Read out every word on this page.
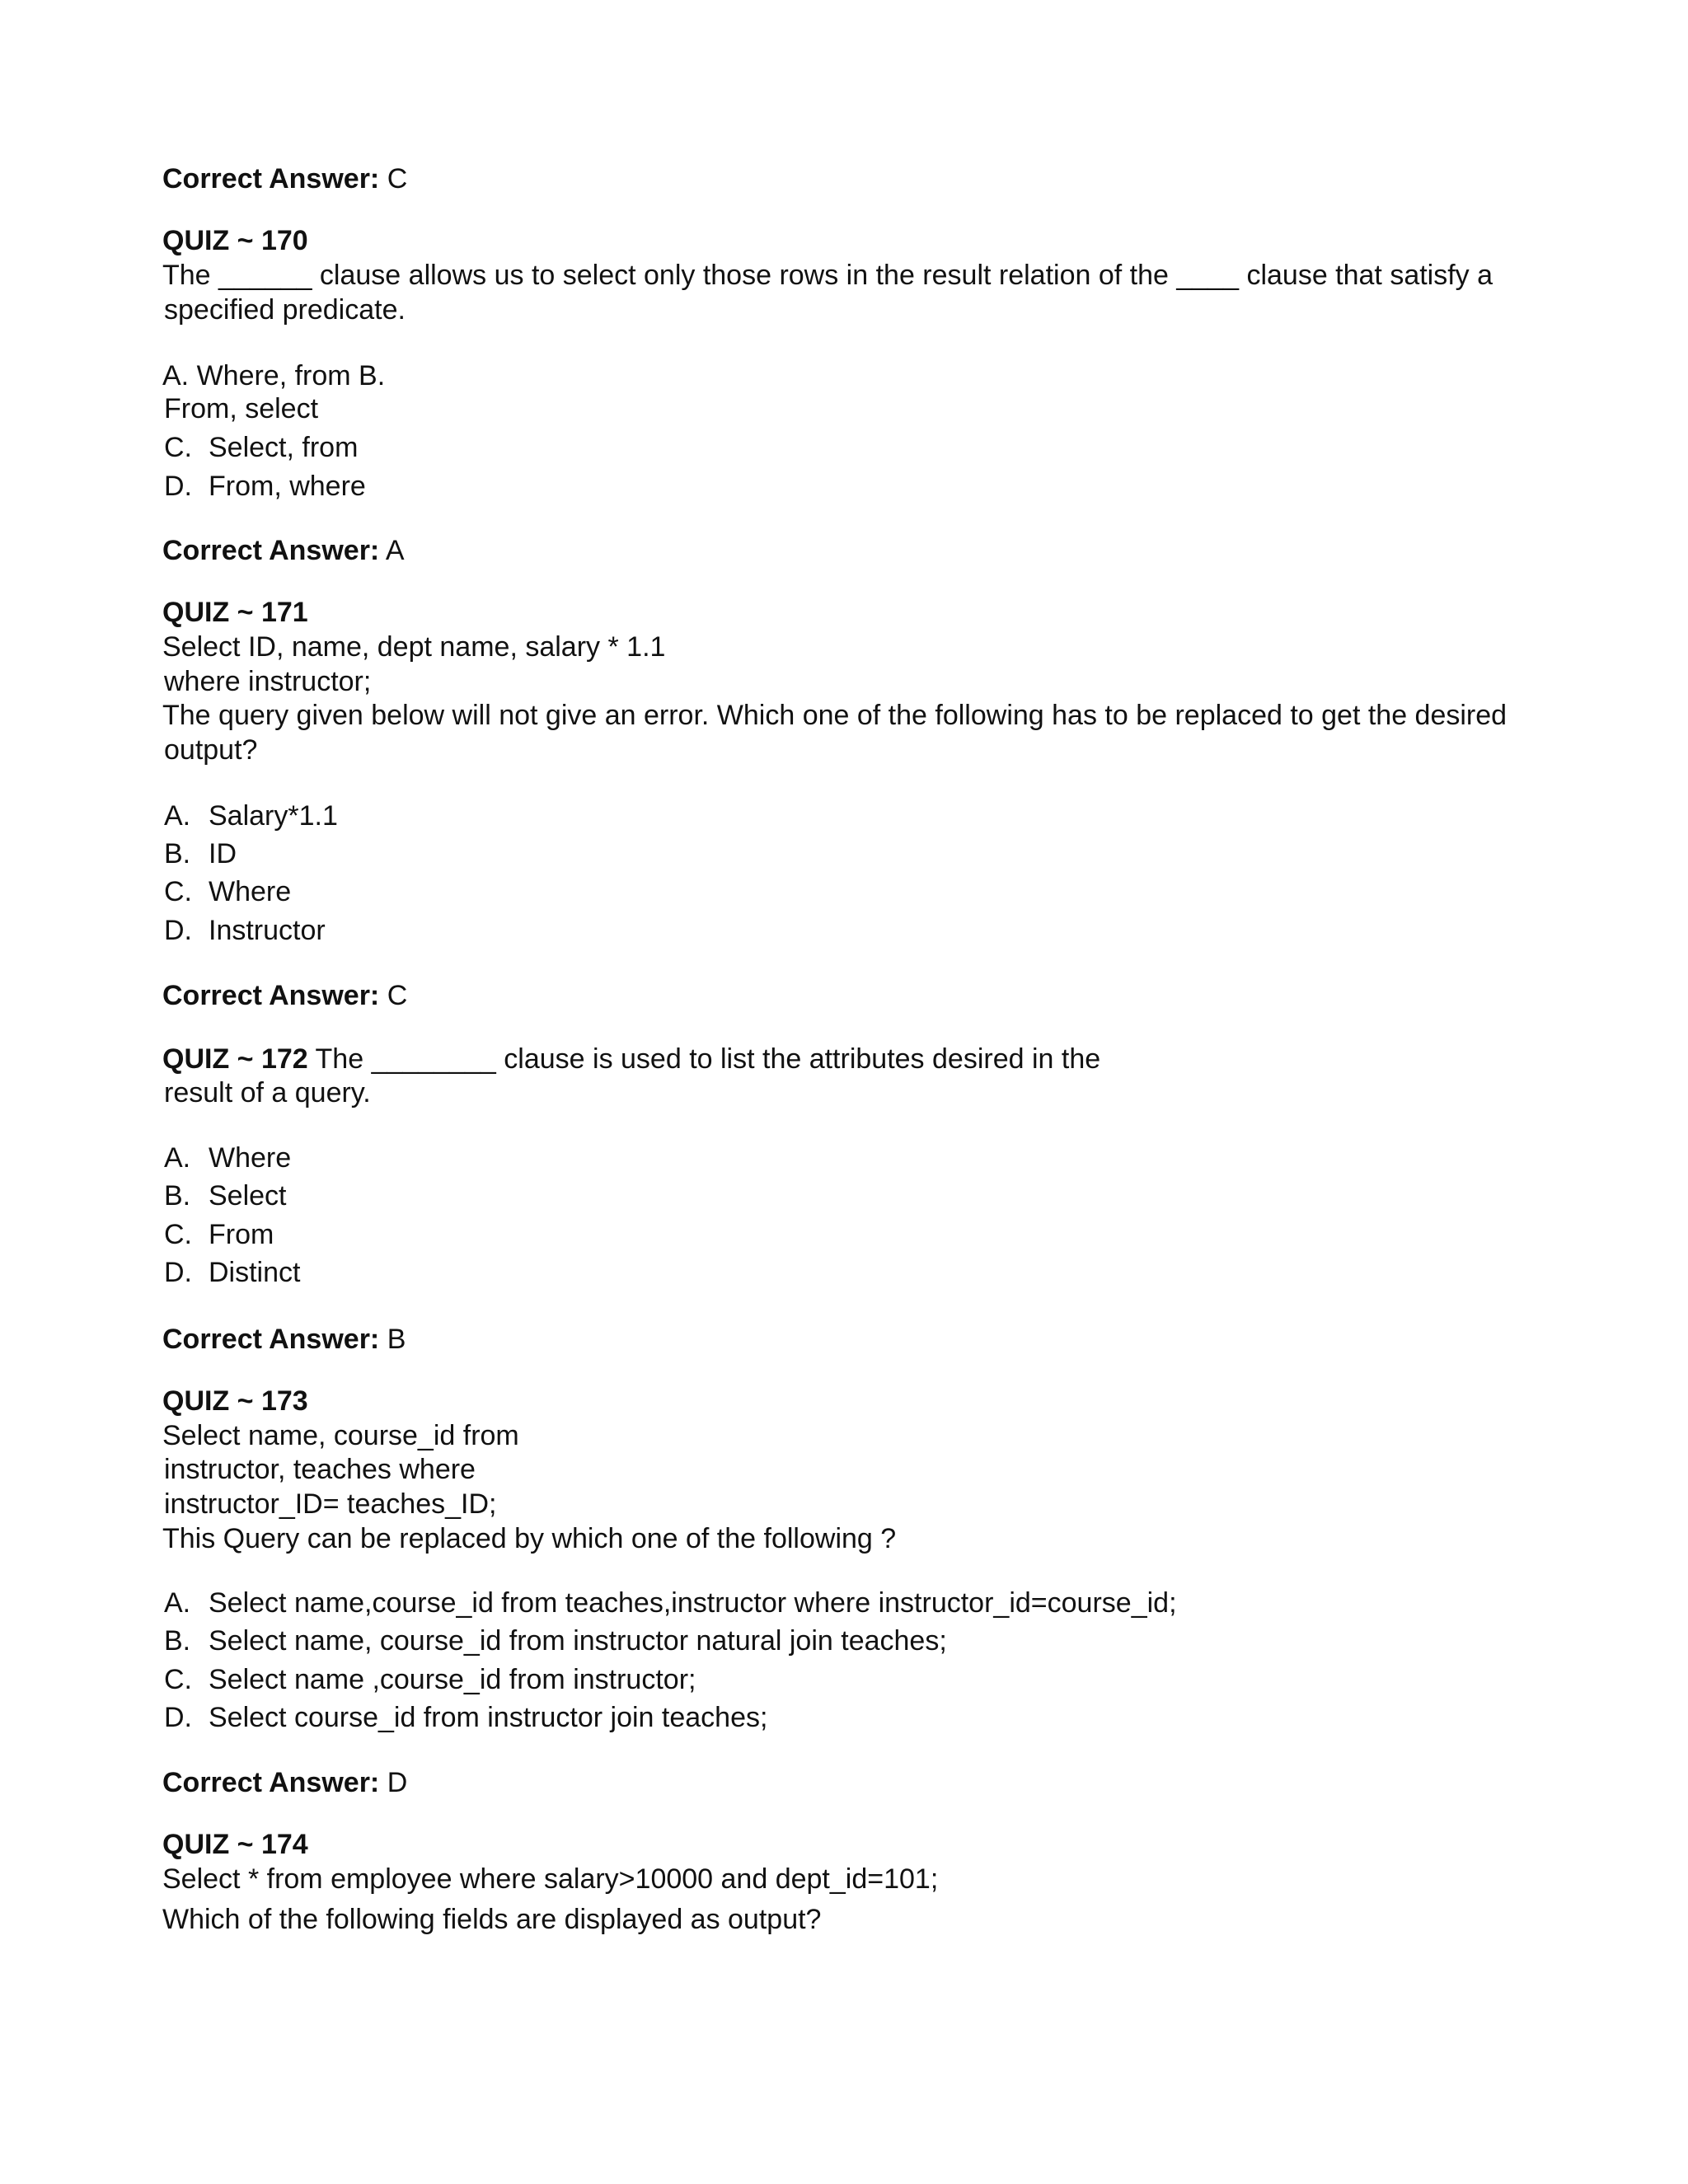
Correct Answer: C
QUIZ ~ 170
The ______ clause allows us to select only those rows in the result relation of the ____ clause that satisfy a
specified predicate.
A. Where, from B.
From, select
C. Select, from
D. From, where
Correct Answer: A
QUIZ ~ 171
Select ID, name, dept name, salary * 1.1
where instructor;
The query given below will not give an error. Which one of the following has to be replaced to get the desired
output?
A. Salary*1.1
B. ID
C. Where
D. Instructor
Correct Answer: C
QUIZ ~ 172 The ________ clause is used to list the attributes desired in the
result of a query.
A. Where
B. Select
C. From
D. Distinct
Correct Answer: B
QUIZ ~ 173
Select name, course_id from
instructor, teaches where
instructor_ID= teaches_ID;
This Query can be replaced by which one of the following ?
A. Select name,course_id from teaches,instructor where instructor_id=course_id;
B. Select name, course_id from instructor natural join teaches;
C. Select name ,course_id from instructor;
D. Select course_id from instructor join teaches;
Correct Answer: D
QUIZ ~ 174
Select * from employee where salary>10000 and dept_id=101;
Which of the following fields are displayed as output?
